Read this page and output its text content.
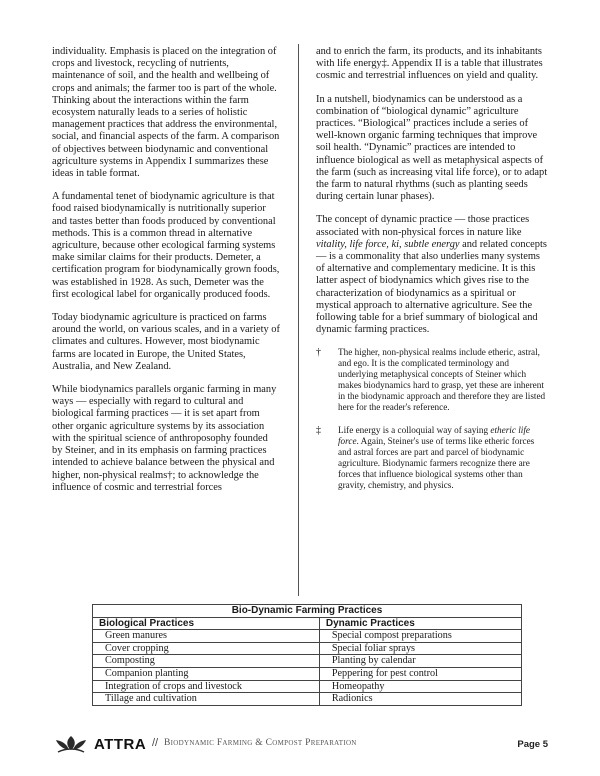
individuality. Emphasis is placed on the integration of crops and livestock, recycling of nutrients, maintenance of soil, and the health and wellbeing of crops and animals; the farmer too is part of the whole. Thinking about the interactions within the farm ecosystem naturally leads to a series of holistic management practices that address the environmental, social, and financial aspects of the farm. A comparison of objectives between biodynamic and conventional agriculture systems in Appendix I summarizes these ideas in table format.

A fundamental tenet of biodynamic agriculture is that food raised biodynamically is nutritionally superior and tastes better than foods produced by conventional methods. This is a common thread in alternative agriculture, because other ecological farming systems make similar claims for their products. Demeter, a certification program for biodynamically grown foods, was established in 1928. As such, Demeter was the first ecological label for organically produced foods.

Today biodynamic agriculture is practiced on farms around the world, on various scales, and in a variety of climates and cultures. However, most biodynamic farms are located in Europe, the United States, Australia, and New Zealand.

While biodynamics parallels organic farming in many ways — especially with regard to cultural and biological farming practices — it is set apart from other organic agriculture systems by its association with the spiritual science of anthroposophy founded by Steiner, and in its emphasis on farming practices intended to achieve balance between the physical and higher, non-physical realms†; to acknowledge the influence of cosmic and terrestrial forces

and to enrich the farm, its products, and its inhabitants with life energy‡. Appendix II is a table that illustrates cosmic and terrestrial influences on yield and quality.

In a nutshell, biodynamics can be understood as a combination of “biological dynamic” agriculture practices. “Biological” practices include a series of well-known organic farming techniques that improve soil health. “Dynamic” practices are intended to influence biological as well as metaphysical aspects of the farm (such as increasing vital life force), or to adapt the farm to natural rhythms (such as planting seeds during certain lunar phases).

The concept of dynamic practice — those practices associated with non-physical forces in nature like vitality, life force, ki, subtle energy and related concepts — is a commonality that also underlies many systems of alternative and complementary medicine. It is this latter aspect of biodynamics which gives rise to the characterization of biodynamics as a spiritual or mystical approach to alternative agriculture. See the following table for a brief summary of biological and dynamic farming practices.

†	The higher, non-physical realms include etheric, astral, and ego. It is the complicated terminology and underlying metaphysical concepts of Steiner which makes biodynamics hard to grasp, yet these are inherent in the biodynamic approach and therefore they are listed here for the reader's reference.
‡	Life energy is a colloquial way of saying etheric life force. Again, Steiner's use of terms like etheric forces and astral forces are part and parcel of biodynamic agriculture. Biodynamic farmers recognize there are forces that influence biological systems other than gravity, chemistry, and physics.
Bio-Dynamic Farming Practices	
Biological Practices	Dynamic Practices
Green manures	Special compost preparations
Cover cropping	Special foliar sprays
Composting	Planting by calendar
Companion planting	Peppering for pest control
Integration of crops and livestock	Homeopathy
Tillage and cultivation	Radionics
ATTRA // Biodynamic Farming & Compost Preparation	Page 5
